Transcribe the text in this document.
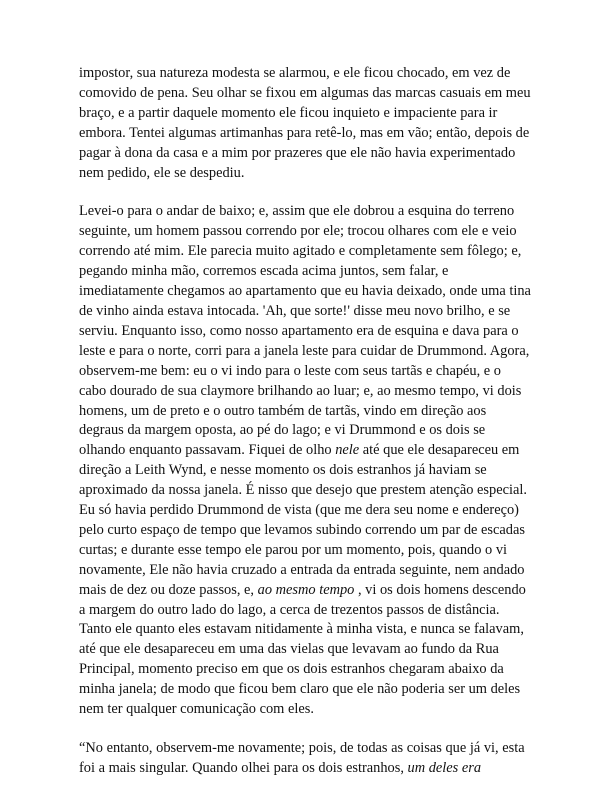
impostor, sua natureza modesta se alarmou, e ele ficou chocado, em vez de comovido de pena. Seu olhar se fixou em algumas das marcas casuais em meu braço, e a partir daquele momento ele ficou inquieto e impaciente para ir embora. Tentei algumas artimanhas para retê-lo, mas em vão; então, depois de pagar à dona da casa e a mim por prazeres que ele não havia experimentado nem pedido, ele se despediu.

Levei-o para o andar de baixo; e, assim que ele dobrou a esquina do terreno seguinte, um homem passou correndo por ele; trocou olhares com ele e veio correndo até mim. Ele parecia muito agitado e completamente sem fôlego; e, pegando minha mão, corremos escada acima juntos, sem falar, e imediatamente chegamos ao apartamento que eu havia deixado, onde uma tina de vinho ainda estava intocada. 'Ah, que sorte!' disse meu novo brilho, e se serviu. Enquanto isso, como nosso apartamento era de esquina e dava para o leste e para o norte, corri para a janela leste para cuidar de Drummond. Agora, observem-me bem: eu o vi indo para o leste com seus tartãs e chapéu, e o cabo dourado de sua claymore brilhando ao luar; e, ao mesmo tempo, vi dois homens, um de preto e o outro também de tartãs, vindo em direção aos degraus da margem oposta, ao pé do lago; e vi Drummond e os dois se olhando enquanto passavam. Fiquei de olho nele até que ele desapareceu em direção a Leith Wynd, e nesse momento os dois estranhos já haviam se aproximado da nossa janela. É nisso que desejo que prestem atenção especial. Eu só havia perdido Drummond de vista (que me dera seu nome e endereço) pelo curto espaço de tempo que levamos subindo correndo um par de escadas curtas; e durante esse tempo ele parou por um momento, pois, quando o vi novamente, Ele não havia cruzado a entrada da entrada seguinte, nem andado mais de dez ou doze passos, e, ao mesmo tempo , vi os dois homens descendo a margem do outro lado do lago, a cerca de trezentos passos de distância. Tanto ele quanto eles estavam nitidamente à minha vista, e nunca se falavam, até que ele desapareceu em uma das vielas que levavam ao fundo da Rua Principal, momento preciso em que os dois estranhos chegaram abaixo da minha janela; de modo que ficou bem claro que ele não poderia ser um deles nem ter qualquer comunicação com eles.

“No entanto, observem-me novamente; pois, de todas as coisas que já vi, esta foi a mais singular. Quando olhei para os dois estranhos, um deles era
